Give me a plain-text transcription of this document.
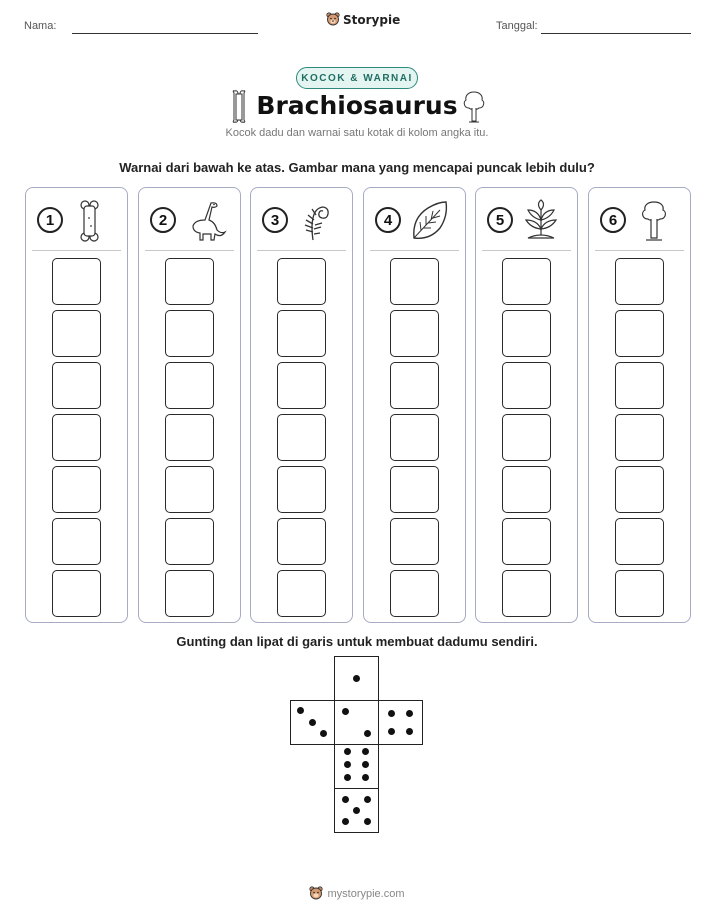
Nama:	Storypie	Tanggal:
KOCOK & WARNAI
Brachiosaurus
Kocok dadu dan warnai satu kotak di kolom angka itu.
Warnai dari bawah ke atas. Gambar mana yang mencapai puncak lebih dulu?
1	2	3	4	5	6
Gunting dan lipat di garis untuk membuat dadumu sendiri.
mystorypie.com
